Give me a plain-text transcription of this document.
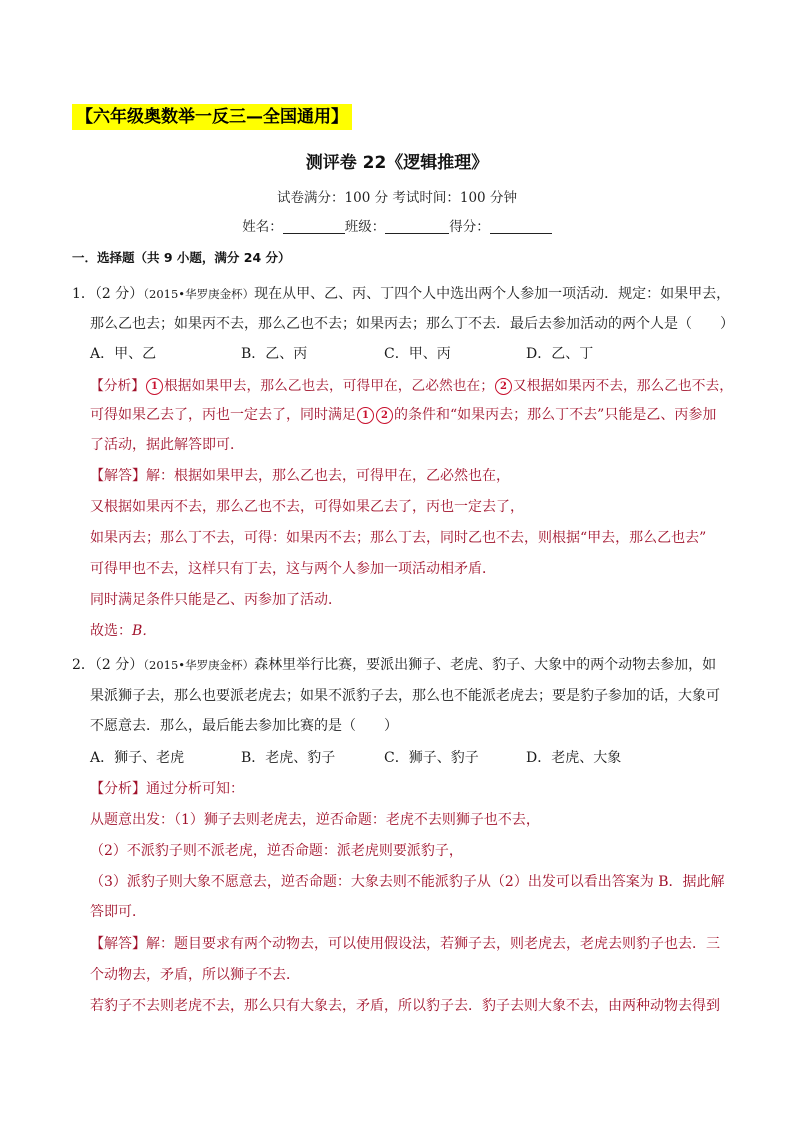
【六年级奥数举一反三—全国通用】
测评卷 22《逻辑推理》
试卷满分：100 分 考试时间：100 分钟
姓名：	班级：	得分：
一．选择题（共 9 小题，满分 24 分）
1．（2 分）（2015•华罗庚金杯）现在从甲、乙、丙、丁四个人中选出两个人参加一项活动．规定：如果甲去，
那么乙也去；如果丙不去，那么乙也不去；如果丙去；那么丁不去．最后去参加活动的两个人是（　　）
A．甲、乙	B．乙、丙	C．甲、丙	D．乙、丁
【分析】 1 根据如果甲去，那么乙也去，可得甲在，乙必然也在； 2 又根据如果丙不去，那么乙也不去，
可得如果乙去了，丙也一定去了，同时满足 1 2 的条件和“如果丙去；那么丁不去”只能是乙、丙参加
了活动，据此解答即可．
【解答】解：根据如果甲去，那么乙也去，可得甲在，乙必然也在，
又根据如果丙不去，那么乙也不去，可得如果乙去了，丙也一定去了，
如果丙去；那么丁不去，可得：如果丙不去；那么丁去，同时乙也不去，则根据“甲去，那么乙也去”
可得甲也不去，这样只有丁去，这与两个人参加一项活动相矛盾．
同时满足条件只能是乙、丙参加了活动．
故选：B．
2．（2 分）（2015•华罗庚金杯）森林里举行比赛，要派出狮子、老虎、豹子、大象中的两个动物去参加，如
果派狮子去，那么也要派老虎去；如果不派豹子去，那么也不能派老虎去；要是豹子参加的话，大象可
不愿意去．那么，最后能去参加比赛的是（　　）
A．狮子、老虎	B．老虎、豹子	C．狮子、豹子	D．老虎、大象
【分析】通过分析可知：
从题意出发：（1）狮子去则老虎去，逆否命题：老虎不去则狮子也不去，
（2）不派豹子则不派老虎，逆否命题：派老虎则要派豹子，
（3）派豹子则大象不愿意去，逆否命题：大象去则不能派豹子从（2）出发可以看出答案为 B．据此解
答即可．
【解答】解：题目要求有两个动物去，可以使用假设法，若狮子去，则老虎去，老虎去则豹子也去．三
个动物去，矛盾，所以狮子不去．
若豹子不去则老虎不去，那么只有大象去，矛盾，所以豹子去．豹子去则大象不去，由两种动物去得到
